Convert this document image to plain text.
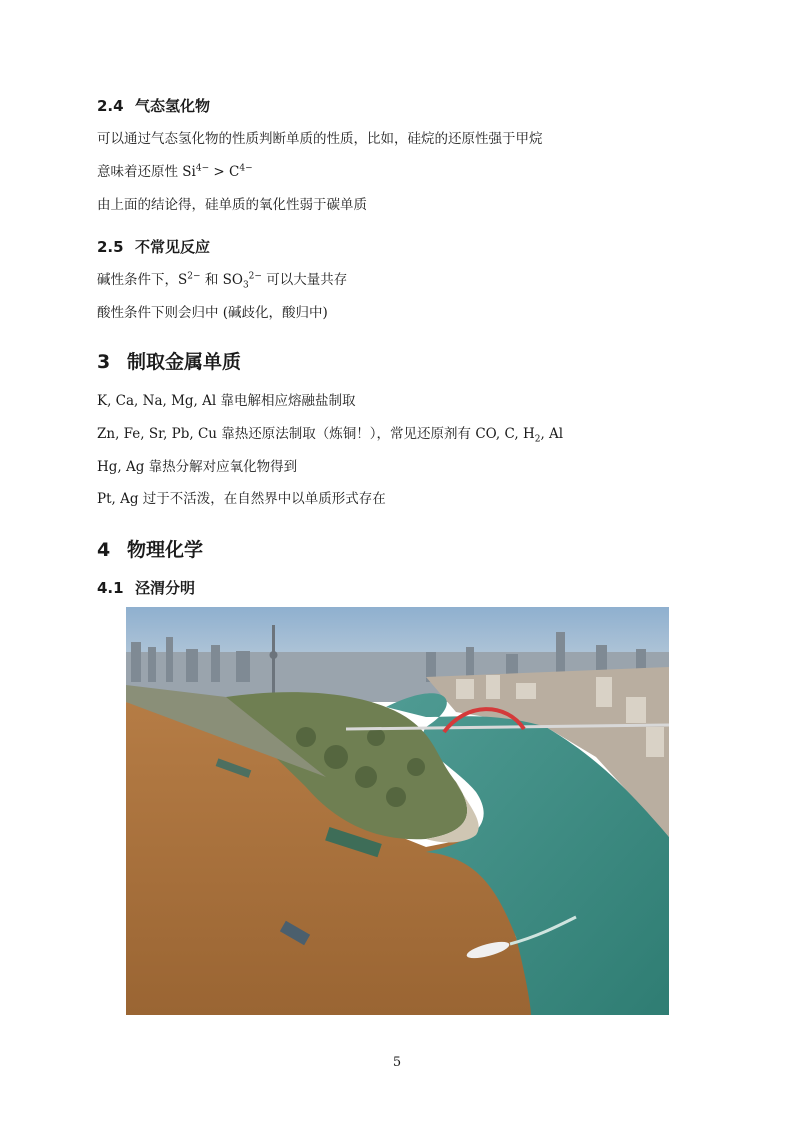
2.4 气态氢化物
可以通过气态氢化物的性质判断单质的性质，比如，硅烷的还原性强于甲烷
意味着还原性 $Si^{4-} > C^{4-}$
由上面的结论得，硅单质的氧化性弱于碳单质
2.5 不常见反应
碱性条件下，$S^{2-}$ 和 $SO_3^{2-}$ 可以大量共存
酸性条件下则会归中 (碱歧化，酸归中)
3 制取金属单质
K, Ca, Na, Mg, Al 靠电解相应熔融盐制取
Zn, Fe, Sr, Pb, Cu 靠热还原法制取（炼铜！），常见还原剂有 CO, C, $H_2$, Al
Hg, Ag 靠热分解对应氧化物得到
Pt, Ag 过于不活泼，在自然界中以单质形式存在
4 物理化学
4.1 泾渭分明
5
